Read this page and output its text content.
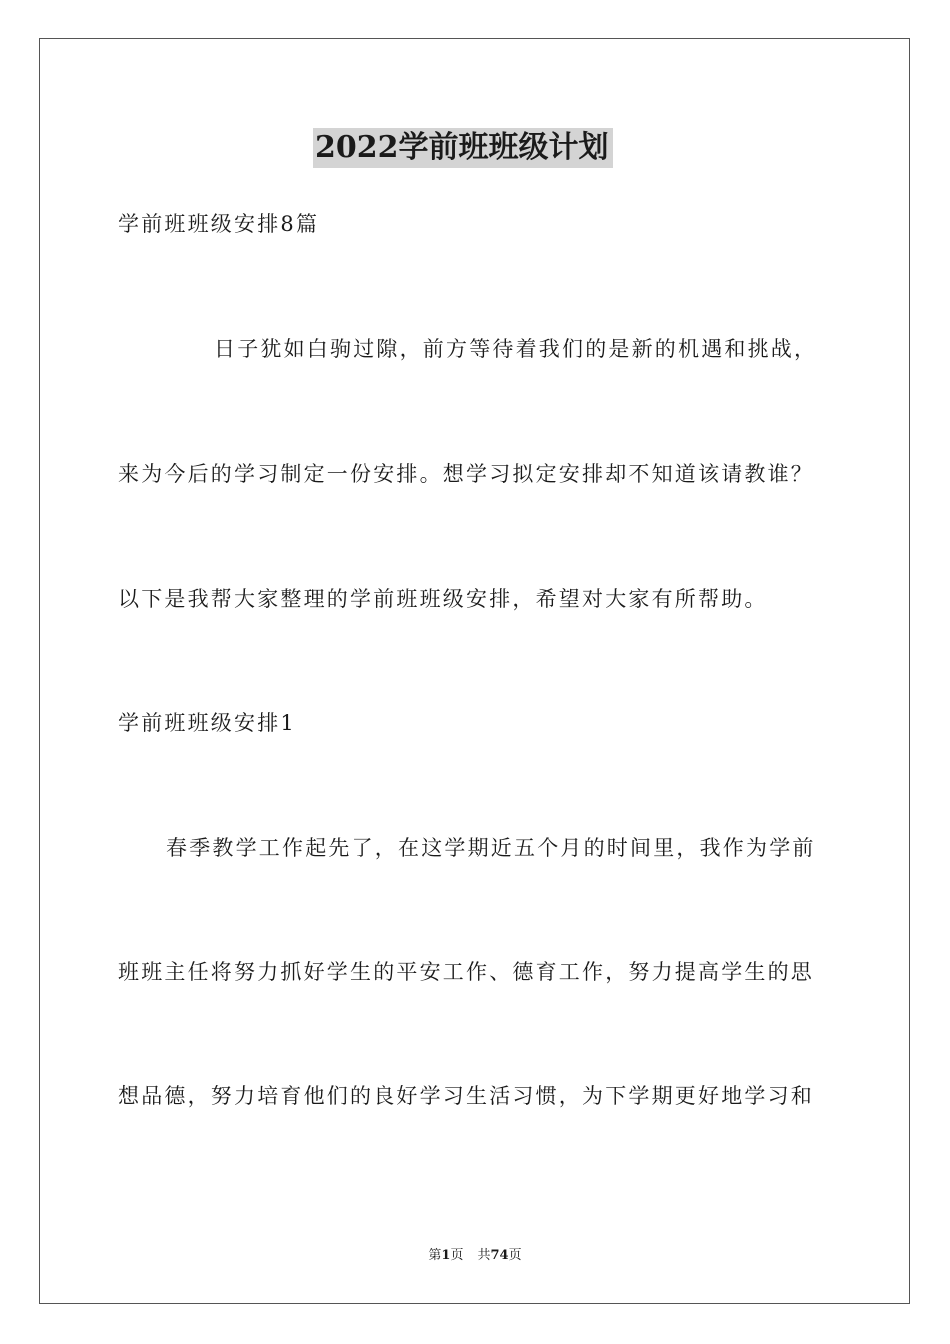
2022学前班班级计划
学前班班级安排8篇
日子犹如白驹过隙，前方等待着我们的是新的机遇和挑战，
来为今后的学习制定一份安排。想学习拟定安排却不知道该请教谁？
以下是我帮大家整理的学前班班级安排，希望对大家有所帮助。
学前班班级安排1
春季教学工作起先了，在这学期近五个月的时间里，我作为学前
班班主任将努力抓好学生的平安工作、德育工作，努力提高学生的思
想品德，努力培育他们的良好学习生活习惯，为下学期更好地学习和
第1页 共74页
